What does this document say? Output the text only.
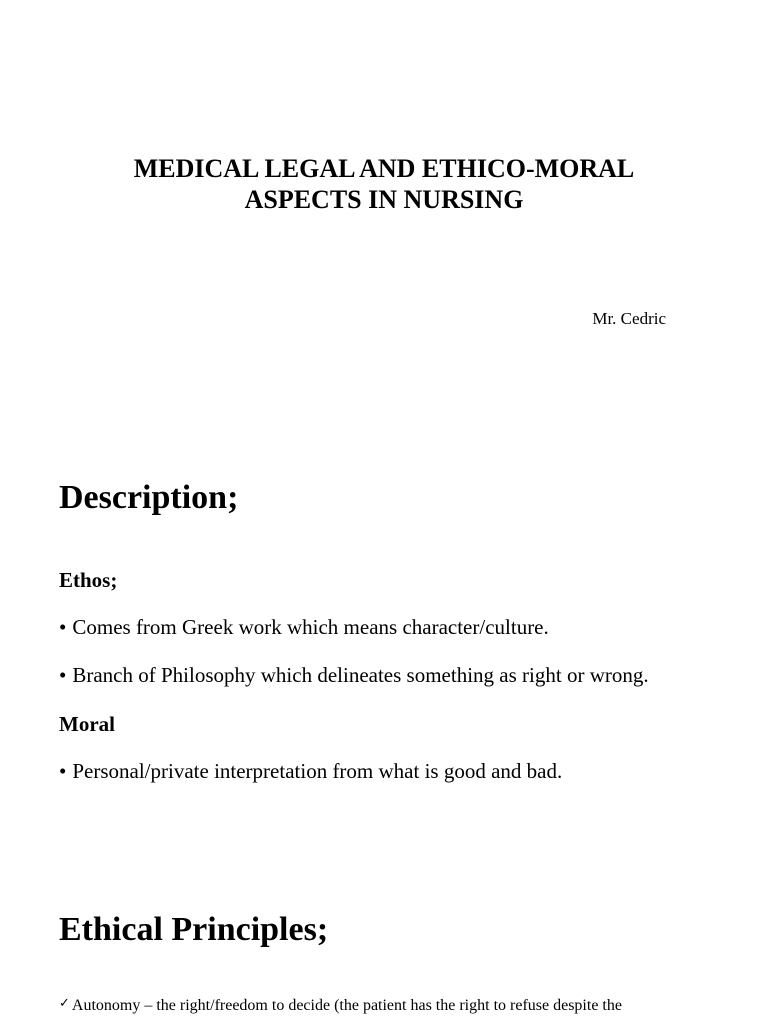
MEDICAL LEGAL AND ETHICO-MORAL
ASPECTS IN NURSING
Mr. Cedric
Description;
Ethos;
• Comes from Greek work which means character/culture.
• Branch of Philosophy which delineates something as right or wrong.
Moral
• Personal/private interpretation from what is good and bad.
Ethical Principles;
✓ Autonomy – the right/freedom to decide (the patient has the right to refuse despite the
